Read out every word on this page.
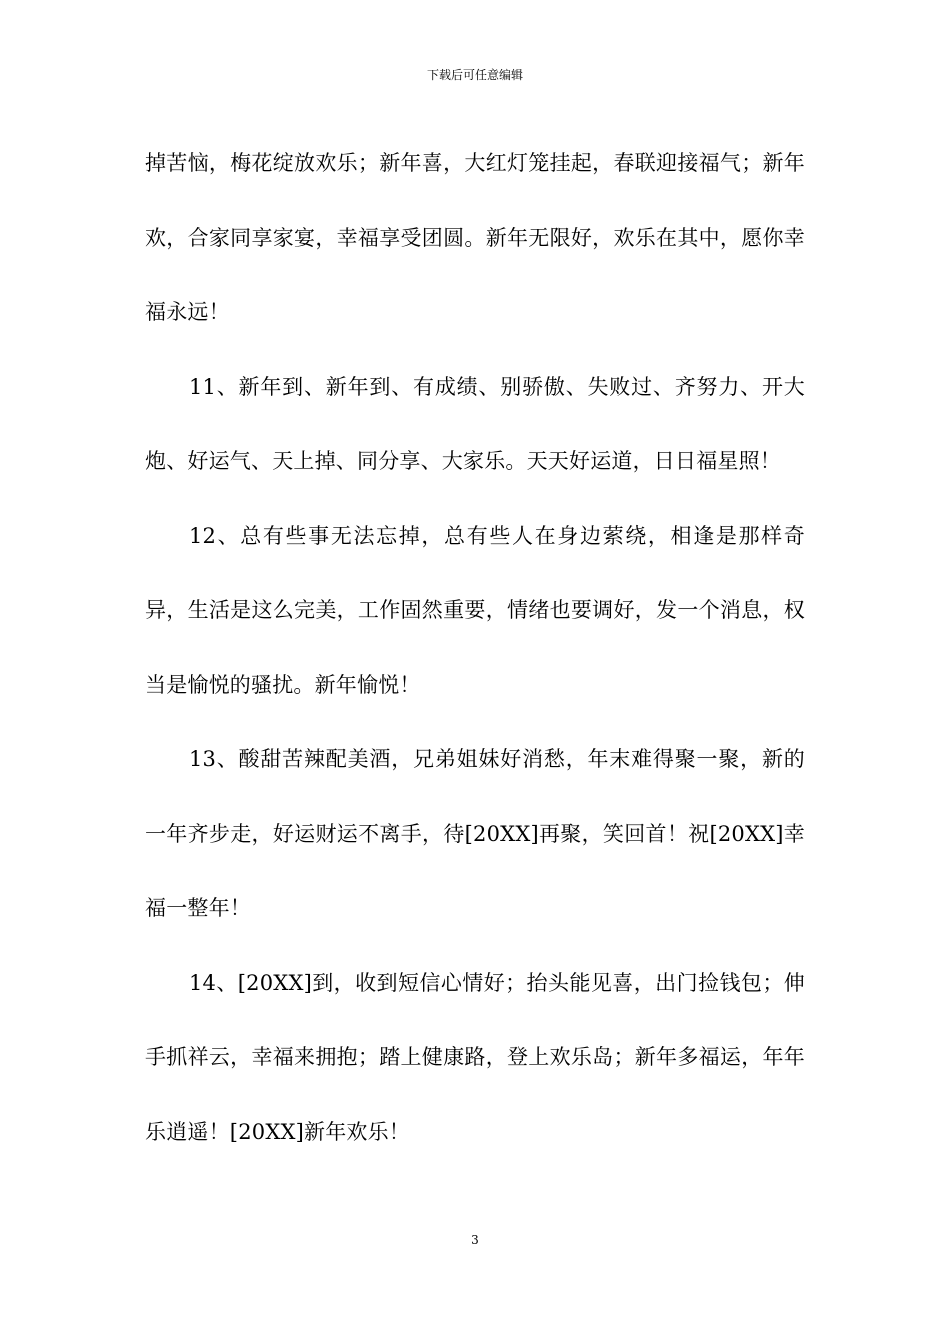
下载后可任意编辑

掉苦恼，梅花绽放欢乐；新年喜，大红灯笼挂起，春联迎接福气；新年欢，合家同享家宴，幸福享受团圆。新年无限好，欢乐在其中，愿你幸福永远！

11、新年到、新年到、有成绩、别骄傲、失败过、齐努力、开大炮、好运气、天上掉、同分享、大家乐。天天好运道，日日福星照！

12、总有些事无法忘掉，总有些人在身边萦绕，相逢是那样奇异，生活是这么完美，工作固然重要，情绪也要调好，发一个消息，权当是愉悦的骚扰。新年愉悦！

13、酸甜苦辣配美酒，兄弟姐妹好消愁，年末难得聚一聚，新的一年齐步走，好运财运不离手，待[20XX]再聚，笑回首！祝[20XX]幸福一整年！

14、[20XX]到，收到短信心情好；抬头能见喜，出门捡钱包；伸手抓祥云，幸福来拥抱；踏上健康路，登上欢乐岛；新年多福运，年年乐逍遥！[20XX]新年欢乐！

3
